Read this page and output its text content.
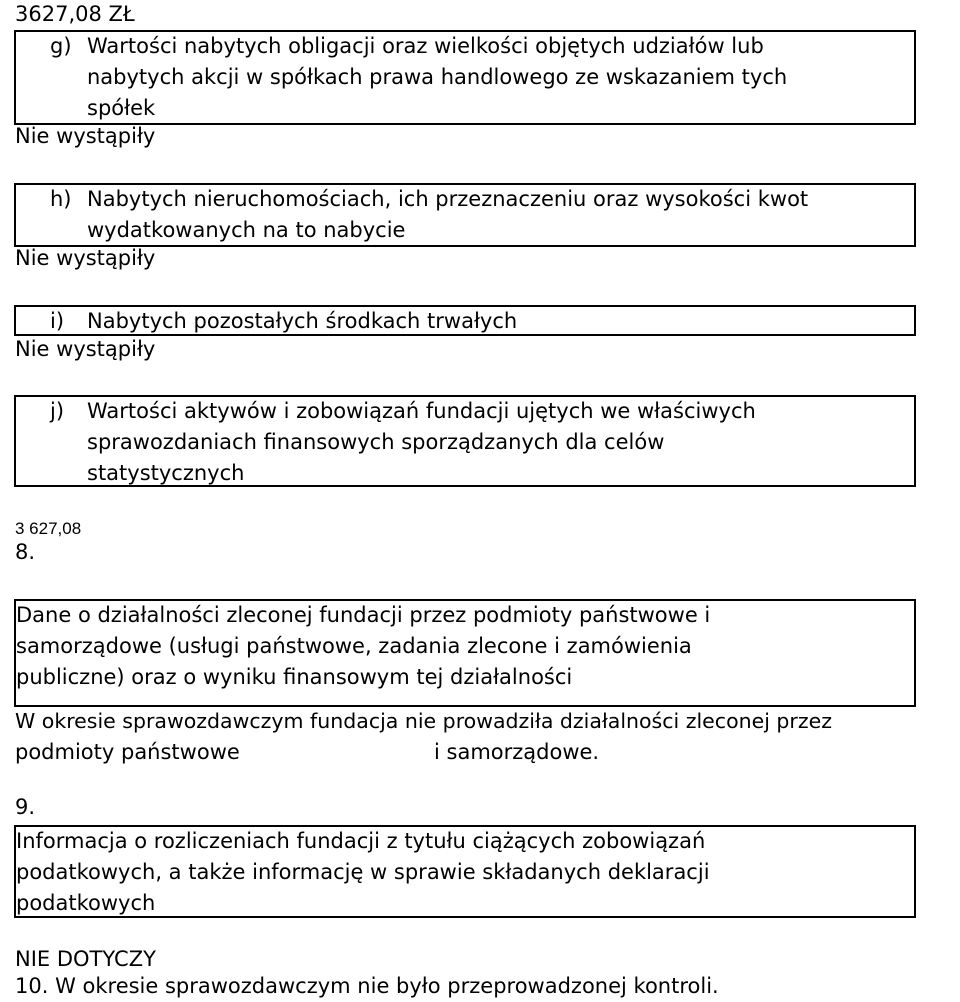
3627,08 ZŁ
g) Wartości nabytych obligacji oraz wielkości objętych udziałów lub
nabytych akcji w spółkach prawa handlowego ze wskazaniem tych
spółek
Nie wystąpiły
h) Nabytych nieruchomościach, ich przeznaczeniu oraz wysokości kwot
wydatkowanych na to nabycie
Nie wystąpiły
i) Nabytych pozostałych środkach trwałych
Nie wystąpiły
j) Wartości aktywów i zobowiązań fundacji ujętych we właściwych
sprawozdaniach finansowych sporządzanych dla celów
statystycznych
3 627,08
8.
Dane o działalności zleconej fundacji przez podmioty państwowe i
samorządowe (usługi państwowe, zadania zlecone i zamówienia
publiczne) oraz o wyniku finansowym tej działalności
W okresie sprawozdawczym fundacja nie prowadziła działalności zleconej przez
podmioty państwowe	i samorządowe.
9.
Informacja o rozliczeniach fundacji z tytułu ciążących zobowiązań
podatkowych, a także informację w sprawie składanych deklaracji
podatkowych
NIE DOTYCZY
10. W okresie sprawozdawczym nie było przeprowadzonej kontroli.
